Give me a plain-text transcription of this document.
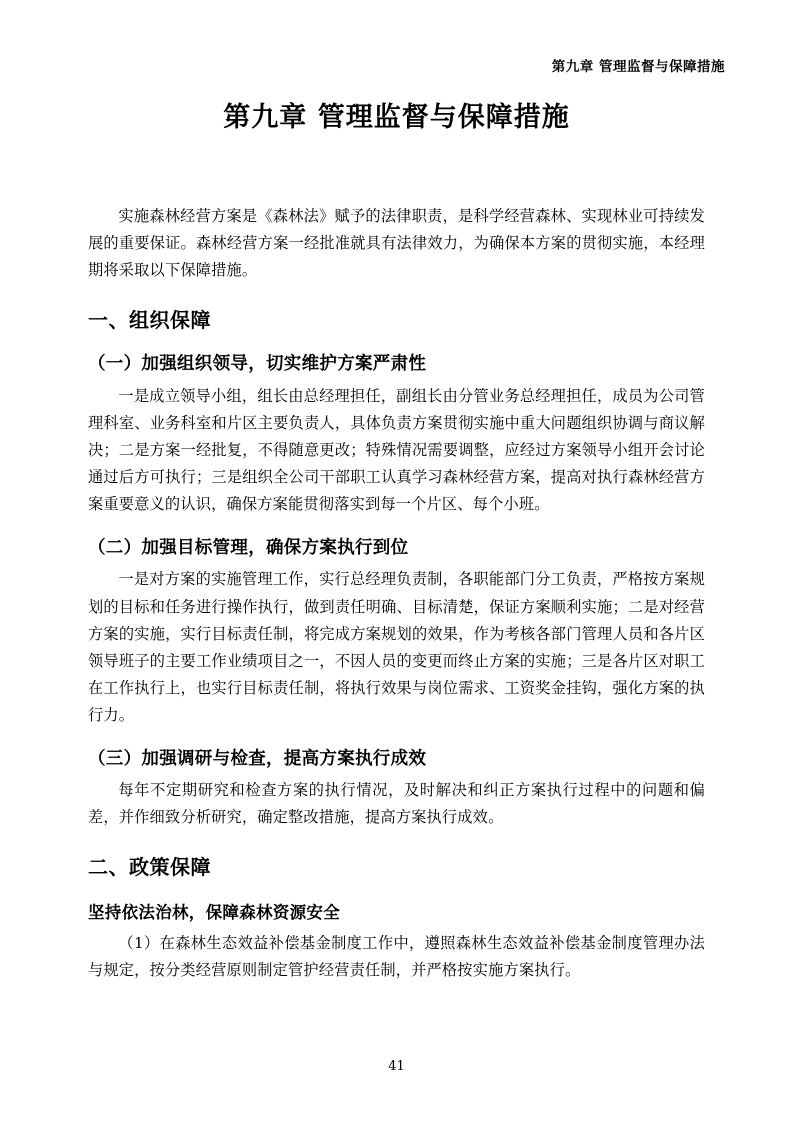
第九章 管理监督与保障措施
第九章 管理监督与保障措施

实施森林经营方案是《森林法》赋予的法律职责，是科学经营森林、实现林业可持续发展的重要保证。森林经营方案一经批准就具有法律效力，为确保本方案的贯彻实施，本经理期将采取以下保障措施。

一、组织保障
（一）加强组织领导，切实维护方案严肃性

一是成立领导小组，组长由总经理担任，副组长由分管业务总经理担任，成员为公司管理科室、业务科室和片区主要负责人，具体负责方案贯彻实施中重大问题组织协调与商议解决；二是方案一经批复，不得随意更改；特殊情况需要调整，应经过方案领导小组开会讨论通过后方可执行；三是组织全公司干部职工认真学习森林经营方案，提高对执行森林经营方案重要意义的认识，确保方案能贯彻落实到每一个片区、每个小班。

（二）加强目标管理，确保方案执行到位

一是对方案的实施管理工作，实行总经理负责制，各职能部门分工负责，严格按方案规划的目标和任务进行操作执行，做到责任明确、目标清楚，保证方案顺利实施；二是对经营方案的实施，实行目标责任制，将完成方案规划的效果，作为考核各部门管理人员和各片区领导班子的主要工作业绩项目之一，不因人员的变更而终止方案的实施；三是各片区对职工在工作执行上，也实行目标责任制，将执行效果与岗位需求、工资奖金挂钩，强化方案的执行力。

（三）加强调研与检查，提高方案执行成效

每年不定期研究和检查方案的执行情况，及时解决和纠正方案执行过程中的问题和偏差，并作细致分析研究，确定整改措施，提高方案执行成效。

二、政策保障
坚持依法治林，保障森林资源安全

（1）在森林生态效益补偿基金制度工作中，遵照森林生态效益补偿基金制度管理办法与规定，按分类经营原则制定管护经营责任制，并严格按实施方案执行。

41
